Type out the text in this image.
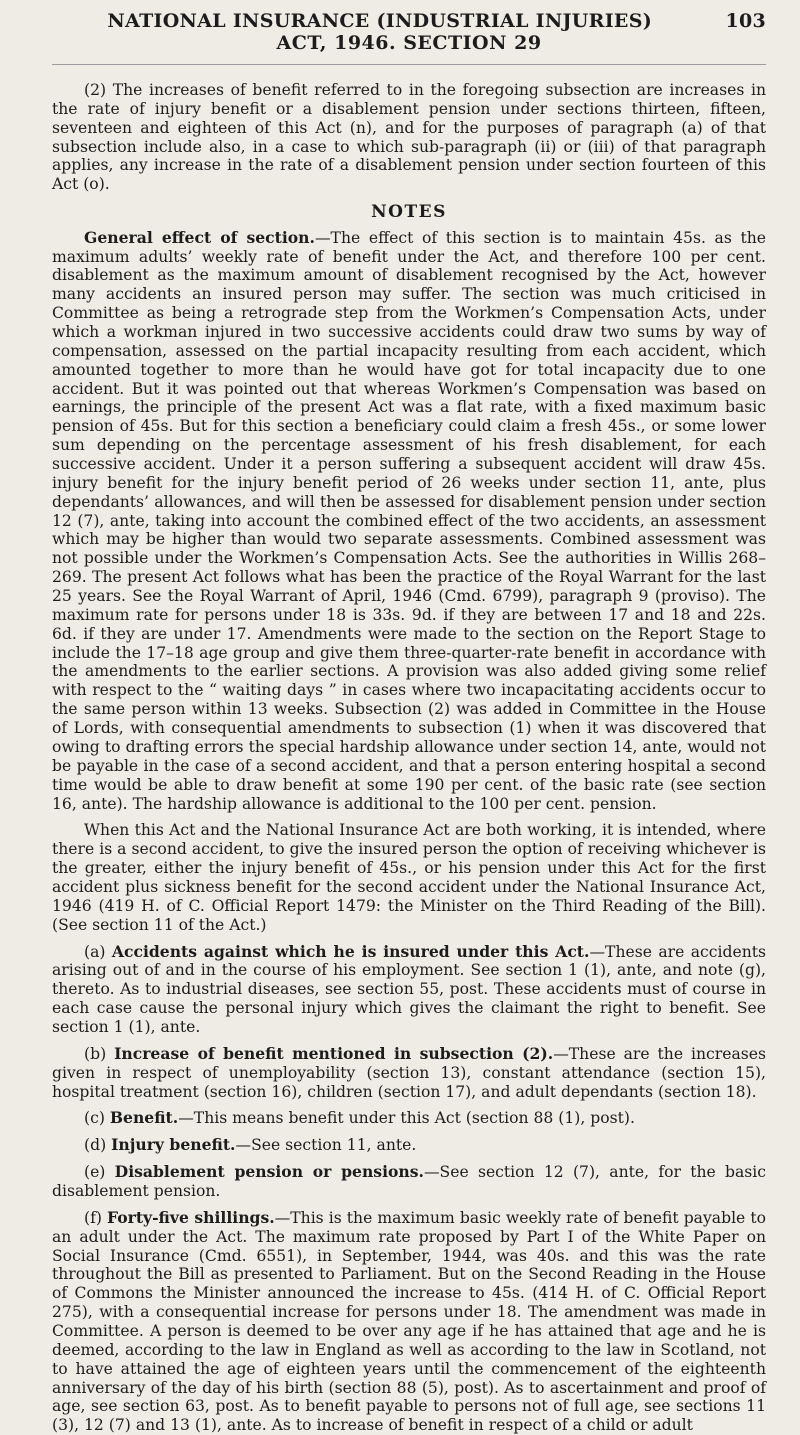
NATIONAL INSURANCE (INDUSTRIAL INJURIES)	103
ACT, 1946. SECTION 29

(2) The increases of benefit referred to in the foregoing subsection are increases in the rate of injury benefit or a disablement pension under sections thirteen, fifteen, seventeen and eighteen of this Act (n), and for the purposes of paragraph (a) of that subsection include also, in a case to which sub-paragraph (ii) or (iii) of that paragraph applies, any increase in the rate of a disablement pension under section fourteen of this Act (o).

NOTES

General effect of section.—The effect of this section is to maintain 45s. as the maximum adults’ weekly rate of benefit under the Act, and therefore 100 per cent. disablement as the maximum amount of disablement recognised by the Act, however many accidents an insured person may suffer. The section was much criticised in Committee as being a retrograde step from the Workmen’s Compensation Acts, under which a workman injured in two successive accidents could draw two sums by way of compensation, assessed on the partial incapacity resulting from each accident, which amounted together to more than he would have got for total incapacity due to one accident. But it was pointed out that whereas Workmen’s Compensation was based on earnings, the principle of the present Act was a flat rate, with a fixed maximum basic pension of 45s. But for this section a beneficiary could claim a fresh 45s., or some lower sum depending on the percentage assessment of his fresh disablement, for each successive accident. Under it a person suffering a subsequent accident will draw 45s. injury benefit for the injury benefit period of 26 weeks under section 11, ante, plus dependants’ allowances, and will then be assessed for disablement pension under section 12 (7), ante, taking into account the combined effect of the two accidents, an assessment which may be higher than would two separate assessments. Combined assessment was not possible under the Workmen’s Compensation Acts. See the authorities in Willis 268–269. The present Act follows what has been the practice of the Royal Warrant for the last 25 years. See the Royal Warrant of April, 1946 (Cmd. 6799), paragraph 9 (proviso). The maximum rate for persons under 18 is 33s. 9d. if they are between 17 and 18 and 22s. 6d. if they are under 17. Amendments were made to the section on the Report Stage to include the 17–18 age group and give them three-quarter-rate benefit in accordance with the amendments to the earlier sections. A provision was also added giving some relief with respect to the “ waiting days ” in cases where two incapacitating accidents occur to the same person within 13 weeks. Subsection (2) was added in Committee in the House of Lords, with consequential amendments to subsection (1) when it was discovered that owing to drafting errors the special hardship allowance under section 14, ante, would not be payable in the case of a second accident, and that a person entering hospital a second time would be able to draw benefit at some 190 per cent. of the basic rate (see section 16, ante). The hardship allowance is additional to the 100 per cent. pension.

When this Act and the National Insurance Act are both working, it is intended, where there is a second accident, to give the insured person the option of receiving whichever is the greater, either the injury benefit of 45s., or his pension under this Act for the first accident plus sickness benefit for the second accident under the National Insurance Act, 1946 (419 H. of C. Official Report 1479: the Minister on the Third Reading of the Bill). (See section 11 of the Act.)

(a) Accidents against which he is insured under this Act.—These are accidents arising out of and in the course of his employment. See section 1 (1), ante, and note (g), thereto. As to industrial diseases, see section 55, post. These accidents must of course in each case cause the personal injury which gives the claimant the right to benefit. See section 1 (1), ante.

(b) Increase of benefit mentioned in subsection (2).—These are the increases given in respect of unemployability (section 13), constant attendance (section 15), hospital treatment (section 16), children (section 17), and adult dependants (section 18).

(c) Benefit.—This means benefit under this Act (section 88 (1), post).

(d) Injury benefit.—See section 11, ante.

(e) Disablement pension or pensions.—See section 12 (7), ante, for the basic disablement pension.

(f) Forty-five shillings.—This is the maximum basic weekly rate of benefit payable to an adult under the Act. The maximum rate proposed by Part I of the White Paper on Social Insurance (Cmd. 6551), in September, 1944, was 40s. and this was the rate throughout the Bill as presented to Parliament. But on the Second Reading in the House of Commons the Minister announced the increase to 45s. (414 H. of C. Official Report 275), with a consequential increase for persons under 18. The amendment was made in Committee. A person is deemed to be over any age if he has attained that age and he is deemed, according to the law in England as well as according to the law in Scotland, not to have attained the age of eighteen years until the commencement of the eighteenth anniversary of the day of his birth (section 88 (5), post). As to ascertainment and proof of age, see section 63, post. As to benefit payable to persons not of full age, see sections 11 (3), 12 (7) and 13 (1), ante. As to increase of benefit in respect of a child or adult
